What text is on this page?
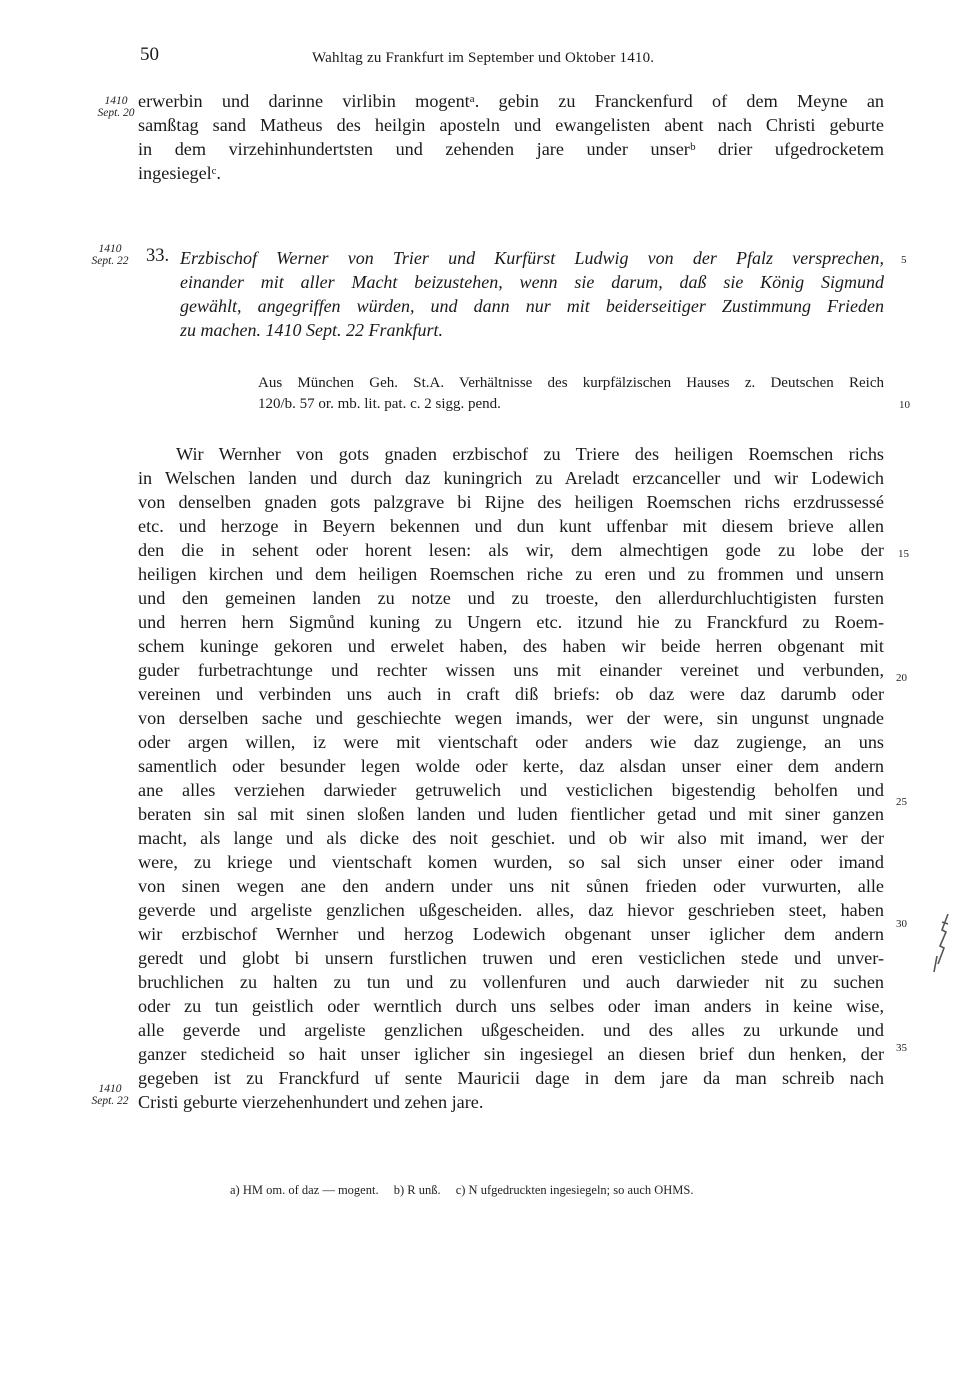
50	Wahltag zu Frankfurt im September und Oktober 1410.
1410
Sept. 20
erwerbin und darinne virlibin mogentᵃ. gebin zu Franckenfurd of dem Meyne an
samßtag sand Matheus des heilgin aposteln und ewangelisten abent nach Christi geburte
in dem virzehinhundertsten und zehenden jare under unserᵇ drier ufgedrocketem
ingesiegelᶜ.
1410
Sept. 22 33. Erzbischof Werner von Trier und Kurfürst Ludwig von der Pfalz versprechen,
einander mit aller Macht beizustehen, wenn sie darum, daß sie König Sigmund
gewählt, angegriffen würden, und dann nur mit beiderseitiger Zustimmung Frieden
zu machen. 1410 Sept. 22 Frankfurt.
5
Aus München Geh. St.A. Verhältnisse des kurpfälzischen Hauses z. Deutschen Reich
120/b. 57 or. mb. lit. pat. c. 2 sigg. pend.	10
Wir Wernher von gots gnaden erzbischof zu Triere des heiligen Roemschen richs
in Welschen landen und durch daz kuningrich zu Areladt erzcanceller und wir Lodewich
von denselben gnaden gots palzgrave bi Rijne des heiligen Roemschen richs erzdrussessé
etc. und herzoge in Beyern bekennen und dun kunt uffenbar mit diesem brieve allen
den die in sehent oder horent lesen: als wir, dem almechtigen gode zu lobe der
heiligen kirchen und dem heiligen Roemschen riche zu eren und zu frommen und unsern
und den gemeinen landen zu notze und zu troeste, den allerdurchluchtigisten fursten
und herren hern Sigmůnd kuning zu Ungern etc. itzund hie zu Franckfurd zu Roem-
schem kuninge gekoren und erwelet haben, des haben wir beide herren obgenant mit
guder furbetrachtunge und rechter wissen uns mit einander vereinet und verbunden,
vereinen und verbinden uns auch in craft diß briefs: ob daz were daz darumb oder
von derselben sache und geschiechte wegen imands, wer der were, sin ungunst ungnade
oder argen willen, iz were mit vientschaft oder anders wie daz zugienge, an uns
samentlich oder besunder legen wolde oder kerte, daz alsdan unser einer dem andern
ane alles verziehen darwieder getruwelich und vesticlichen bigestendig beholfen und
beraten sin sal mit sinen sloßen landen und luden fientlicher getad und mit siner ganzen
macht, als lange und als dicke des noit geschiet. und ob wir also mit imand, wer der
were, zu kriege und vientschaft komen wurden, so sal sich unser einer oder imand
von sinen wegen ane den andern under uns nit sůnen frieden oder vurwurten, alle
geverde und argeliste genzlichen ußgescheiden. alles, daz hievor geschrieben steet, haben
wir erzbischof Wernher und herzog Lodewich obgenant unser iglicher dem andern
geredt und globt bi unsern furstlichen truwen und eren vesticlichen stede und unver-
bruchlichen zu halten zu tun und zu vollenfuren und auch darwieder nit zu suchen
oder zu tun geistlich oder werntlich durch uns selbes oder iman anders in keine wise,
alle geverde und argeliste genzlichen ußgescheiden. und des alles zu urkunde und
ganzer stedicheid so hait unser iglicher sin ingesiegel an diesen brief dun henken, der
gegeben ist zu Franckfurd uf sente Mauricii dage in dem jare da man schreib nach
Cristi geburte vierzehenhundert und zehen jare.
15
20
25
30
35
1410
Sept. 22
a) HM om. of daz — mogent. b) R unß. c) N ufgedruckten ingesiegeln; so auch OHMS.
